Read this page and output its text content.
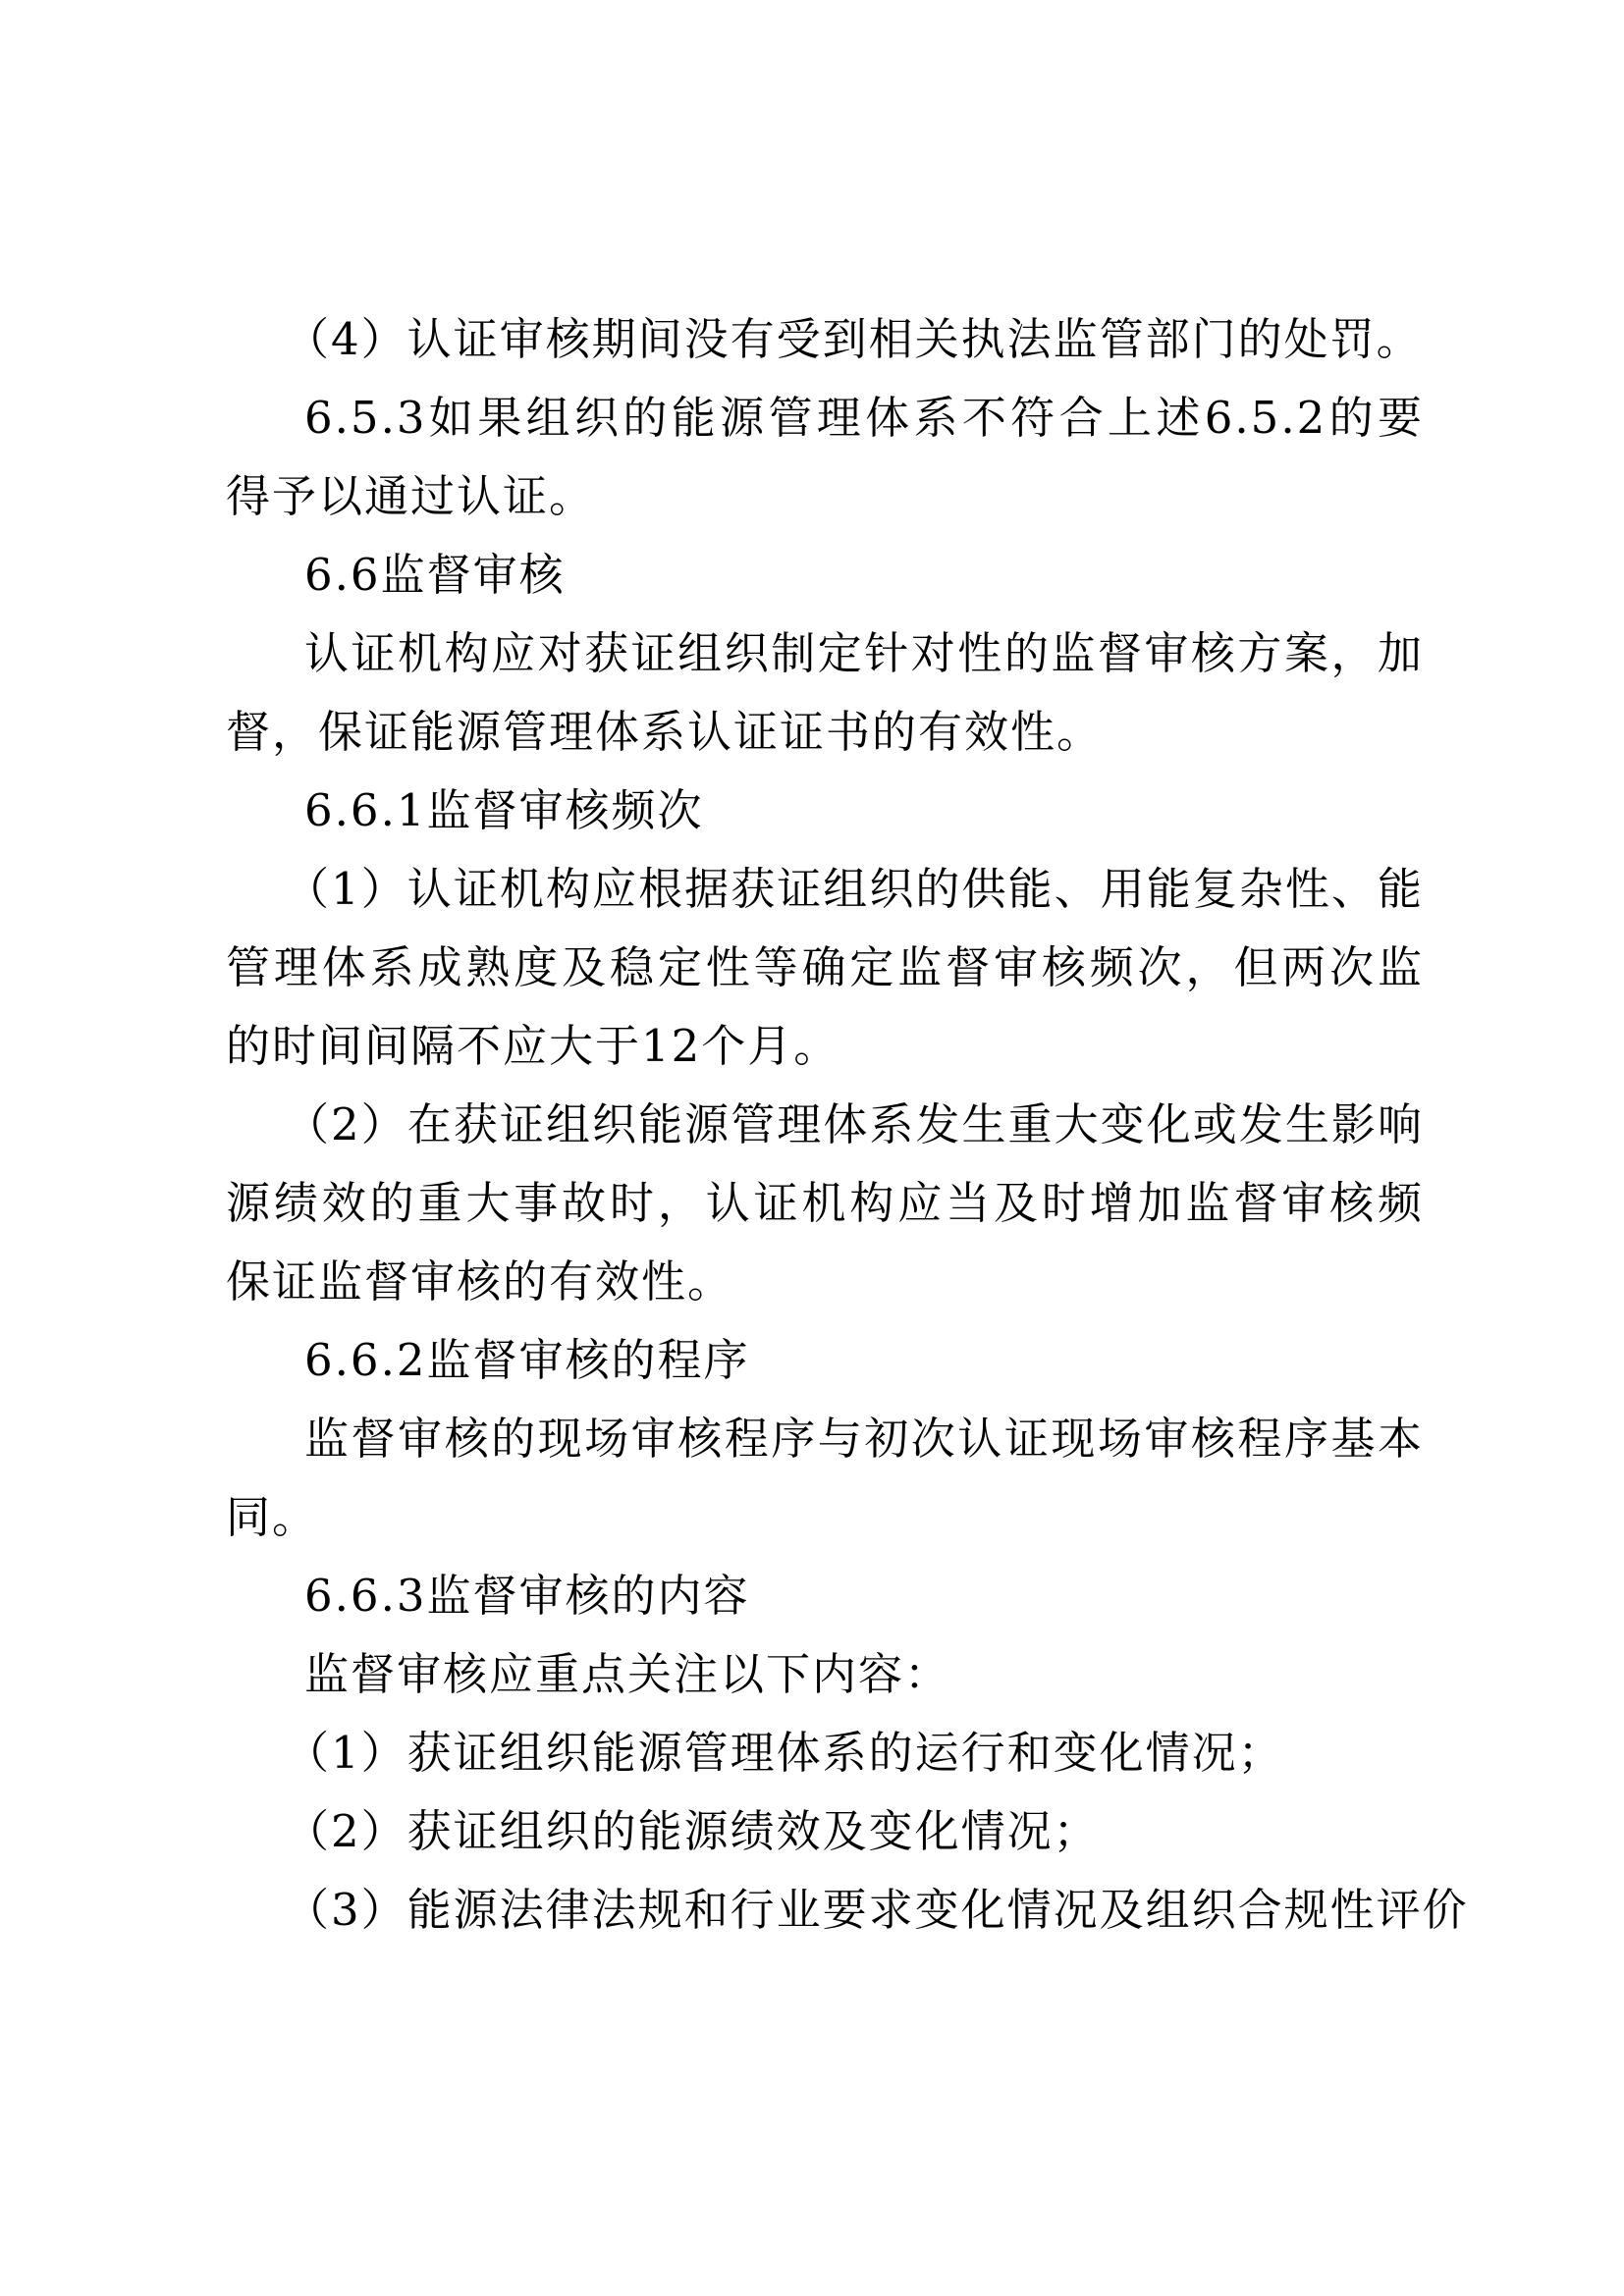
（4）认证审核期间没有受到相关执法监管部门的处罚。
6.5.3如果组织的能源管理体系不符合上述6.5.2的要
得予以通过认证。
6.6监督审核
认证机构应对获证组织制定针对性的监督审核方案，加
督，保证能源管理体系认证证书的有效性。
6.6.1监督审核频次
（1）认证机构应根据获证组织的供能、用能复杂性、能
管理体系成熟度及稳定性等确定监督审核频次，但两次监
的时间间隔不应大于12个月。
（2）在获证组织能源管理体系发生重大变化或发生影响
源绩效的重大事故时，认证机构应当及时增加监督审核频
保证监督审核的有效性。
6.6.2监督审核的程序
监督审核的现场审核程序与初次认证现场审核程序基本
同。
6.6.3监督审核的内容
监督审核应重点关注以下内容：
（1）获证组织能源管理体系的运行和变化情况；
（2）获证组织的能源绩效及变化情况；
（3）能源法律法规和行业要求变化情况及组织合规性评价
